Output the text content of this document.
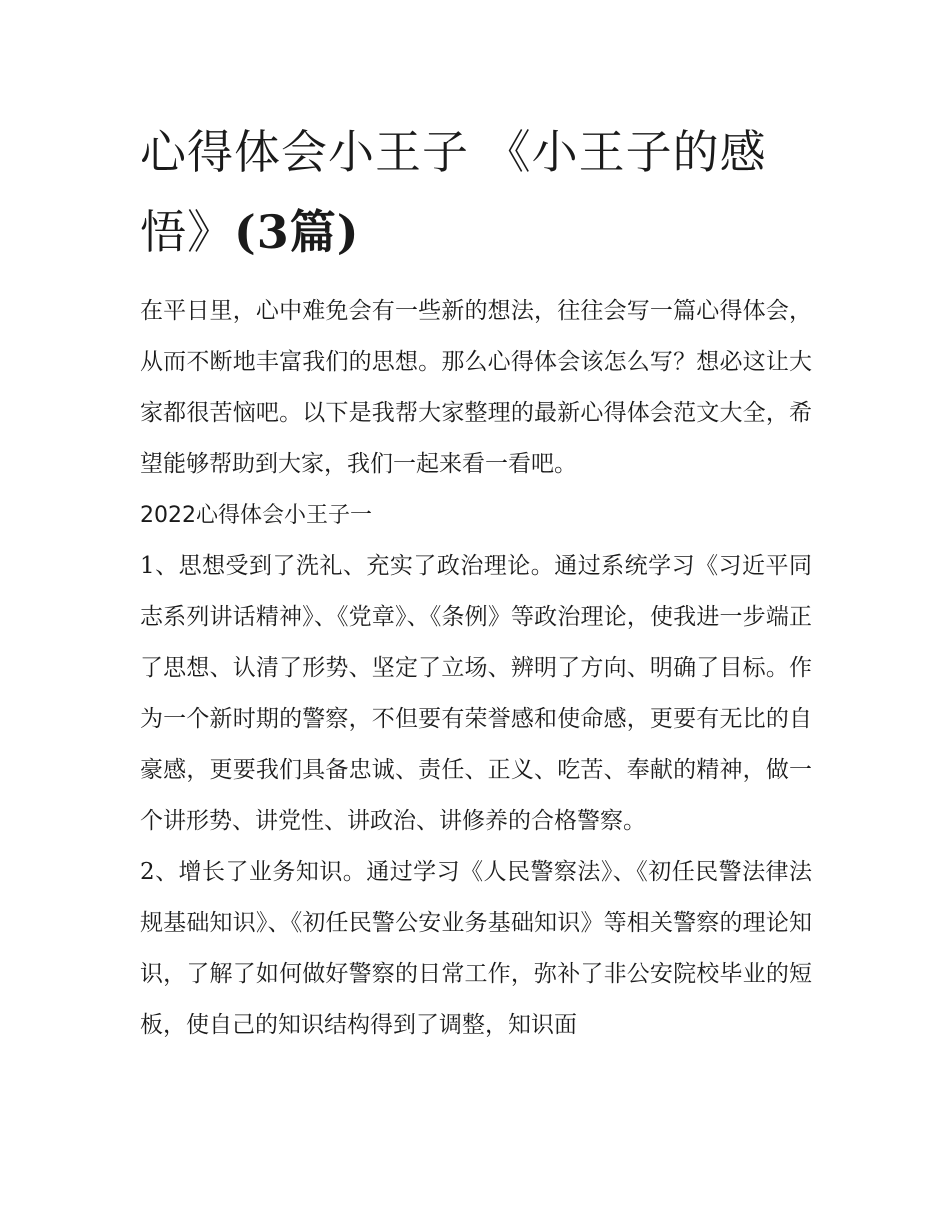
心得体会小王子 《小王子的感悟》(3篇)

在平日里，心中难免会有一些新的想法，往往会写一篇心得体会，从而不断地丰富我们的思想。那么心得体会该怎么写？想必这让大家都很苦恼吧。以下是我帮大家整理的最新心得体会范文大全，希望能够帮助到大家，我们一起来看一看吧。

2022心得体会小王子一

1、思想受到了洗礼、充实了政治理论。通过系统学习《习近平同志系列讲话精神》、《党章》、《条例》等政治理论，使我进一步端正了思想、认清了形势、坚定了立场、辨明了方向、明确了目标。作为一个新时期的警察，不但要有荣誉感和使命感，更要有无比的自豪感，更要我们具备忠诚、责任、正义、吃苦、奉献的精神，做一个讲形势、讲党性、讲政治、讲修养的合格警察。

2、增长了业务知识。通过学习《人民警察法》、《初任民警法律法规基础知识》、《初任民警公安业务基础知识》等相关警察的理论知识，了解了如何做好警察的日常工作，弥补了非公安院校毕业的短板，使自己的知识结构得到了调整，知识面
